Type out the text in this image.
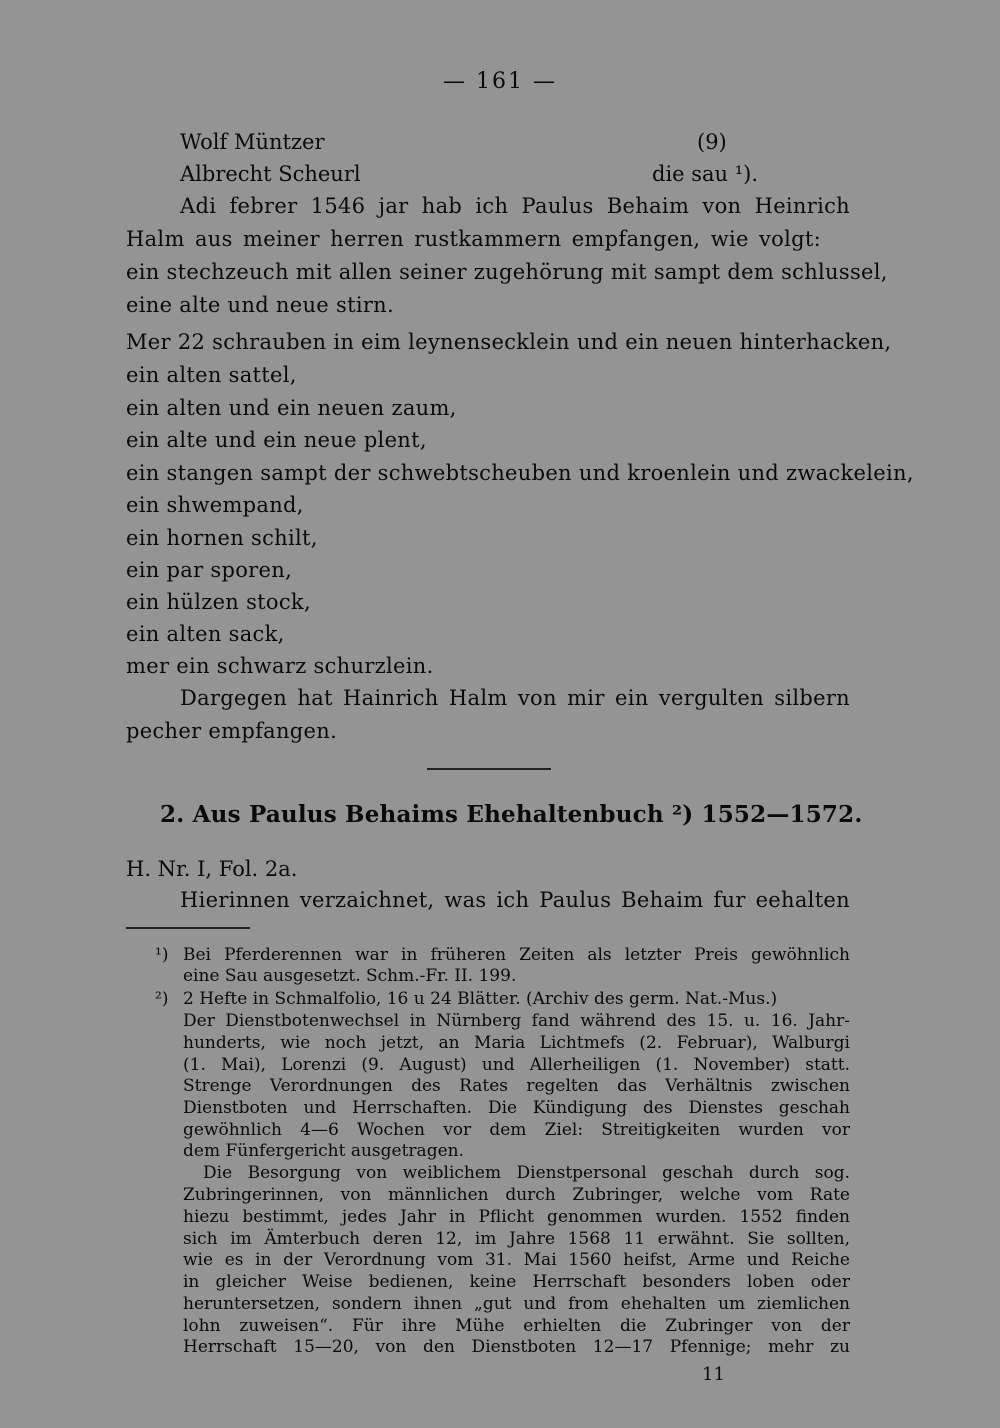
— 161 —
Wolf Müntzer	(9)
Albrecht Scheurl	die sau ¹).
Adi febrer 1546 jar hab ich Paulus Behaim von Heinrich
Halm aus meiner herren rustkammern empfangen, wie volgt:
ein stechzeuch mit allen seiner zugehörung mit sampt dem schlussel,
eine alte und neue stirn.
Mer 22 schrauben in eim leynensecklein und ein neuen hinterhacken,
ein alten sattel,
ein alten und ein neuen zaum,
ein alte und ein neue plent,
ein stangen sampt der schwebtscheuben und kroenlein und zwackelein,
ein shwempand,
ein hornen schilt,
ein par sporen,
ein hülzen stock,
ein alten sack,
mer ein schwarz schurzlein.
Dargegen hat Hainrich Halm von mir ein vergulten silbern
pecher empfangen.
2. Aus Paulus Behaims Ehehaltenbuch ²) 1552—1572.
H. Nr. I, Fol. 2a.
Hierinnen verzaichnet, was ich Paulus Behaim fur eehalten
¹) Bei Pferderennen war in früheren Zeiten als letzter Preis gewöhnlich
eine Sau ausgesetzt. Schm.-Fr. II. 199.
²) 2 Hefte in Schmalfolio, 16 u 24 Blätter. (Archiv des germ. Nat.-Mus.)
Der Dienstbotenwechsel in Nürnberg fand während des 15. u. 16. Jahr-
hunderts, wie noch jetzt, an Maria Lichtmefs (2. Februar), Walburgi
(1. Mai), Lorenzi (9. August) und Allerheiligen (1. November) statt.
Strenge Verordnungen des Rates regelten das Verhältnis zwischen
Dienstboten und Herrschaften. Die Kündigung des Dienstes geschah
gewöhnlich 4—6 Wochen vor dem Ziel: Streitigkeiten wurden vor
dem Fünfergericht ausgetragen.
Die Besorgung von weiblichem Dienstpersonal geschah durch sog.
Zubringerinnen, von männlichen durch Zubringer, welche vom Rate
hiezu bestimmt, jedes Jahr in Pflicht genommen wurden. 1552 finden
sich im Ämterbuch deren 12, im Jahre 1568 11 erwähnt. Sie sollten,
wie es in der Verordnung vom 31. Mai 1560 heifst, Arme und Reiche
in gleicher Weise bedienen, keine Herrschaft besonders loben oder
heruntersetzen, sondern ihnen „gut und from ehehalten um ziemlichen
lohn zuweisen“. Für ihre Mühe erhielten die Zubringer von der
Herrschaft 15—20, von den Dienstboten 12—17 Pfennige; mehr zu
11
